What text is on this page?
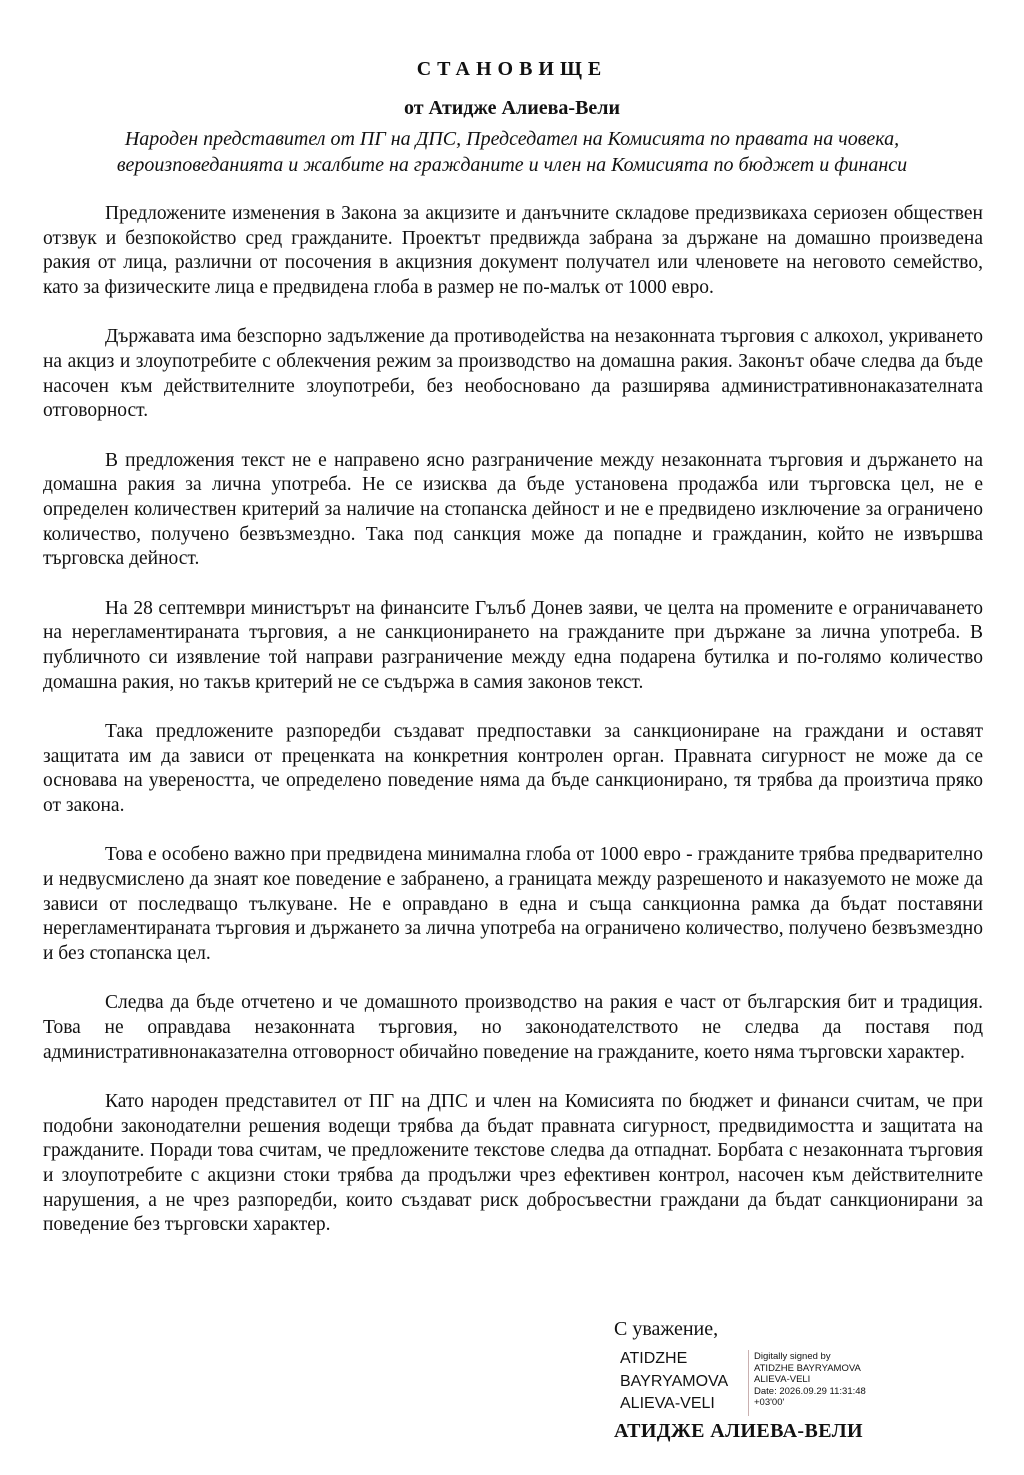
СТАНОВИЩЕ
от Атидже Алиева-Вели
Народен представител от ПГ на ДПС, Председател на Комисията по правата на човека,
вероизповеданията и жалбите на гражданите и член на Комисията по бюджет и финанси

Предложените изменения в Закона за акцизите и данъчните складове предизвикаха сериозен обществен отзвук и безпокойство сред гражданите. Проектът предвижда забрана за държане на домашно произведена ракия от лица, различни от посочения в акцизния документ получател или членовете на неговото семейство, като за физическите лица е предвидена глоба в размер не по-малък от 1000 евро.

Държавата има безспорно задължение да противодейства на незаконната търговия с алкохол, укриването на акциз и злоупотребите с облекчения режим за производство на домашна ракия. Законът обаче следва да бъде насочен към действителните злоупотреби, без необосновано да разширява административнонаказателната отговорност.

В предложения текст не е направено ясно разграничение между незаконната търговия и държането на домашна ракия за лична употреба. Не се изисква да бъде установена продажба или търговска цел, не е определен количествен критерий за наличие на стопанска дейност и не е предвидено изключение за ограничено количество, получено безвъзмездно. Така под санкция може да попадне и гражданин, който не извършва търговска дейност.

На 28 септември министърът на финансите Гълъб Донев заяви, че целта на промените е ограничаването на нерегламентираната търговия, а не санкционирането на гражданите при държане за лична употреба. В публичното си изявление той направи разграничение между една подарена бутилка и по-голямо количество домашна ракия, но такъв критерий не се съдържа в самия законов текст.

Така предложените разпоредби създават предпоставки за санкциониране на граждани и оставят защитата им да зависи от преценката на конкретния контролен орган. Правната сигурност не може да се основава на увереността, че определено поведение няма да бъде санкционирано, тя трябва да произтича пряко от закона.

Това е особено важно при предвидена минимална глоба от 1000 евро - гражданите трябва предварително и недвусмислено да знаят кое поведение е забранено, а границата между разрешеното и наказуемото не може да зависи от последващо тълкуване. Не е оправдано в една и съща санкционна рамка да бъдат поставяни нерегламентираната търговия и държането за лична употреба на ограничено количество, получено безвъзмездно и без стопанска цел.

Следва да бъде отчетено и че домашното производство на ракия е част от българския бит и традиция. Това не оправдава незаконната търговия, но законодателството не следва да поставя под административнонаказателна отговорност обичайно поведение на гражданите, което няма търговски характер.

Като народен представител от ПГ на ДПС и член на Комисията по бюджет и финанси считам, че при подобни законодателни решения водещи трябва да бъдат правната сигурност, предвидимостта и защитата на гражданите. Поради това считам, че предложените текстове следва да отпаднат. Борбата с незаконната търговия и злоупотребите с акцизни стоки трябва да продължи чрез ефективен контрол, насочен към действителните нарушения, а не чрез разпоредби, които създават риск добросъвестни граждани да бъдат санкционирани за поведение без търговски характер.

С уважение,
ATIDZHE
BAYRYAMOVA
ALIEVA-VELI
Digitally signed by
ATIDZHE BAYRYAMOVA
ALIEVA-VELI
Date: 2026.09.29 11:31:48
+03'00'
АТИДЖЕ АЛИЕВА-ВЕЛИ
